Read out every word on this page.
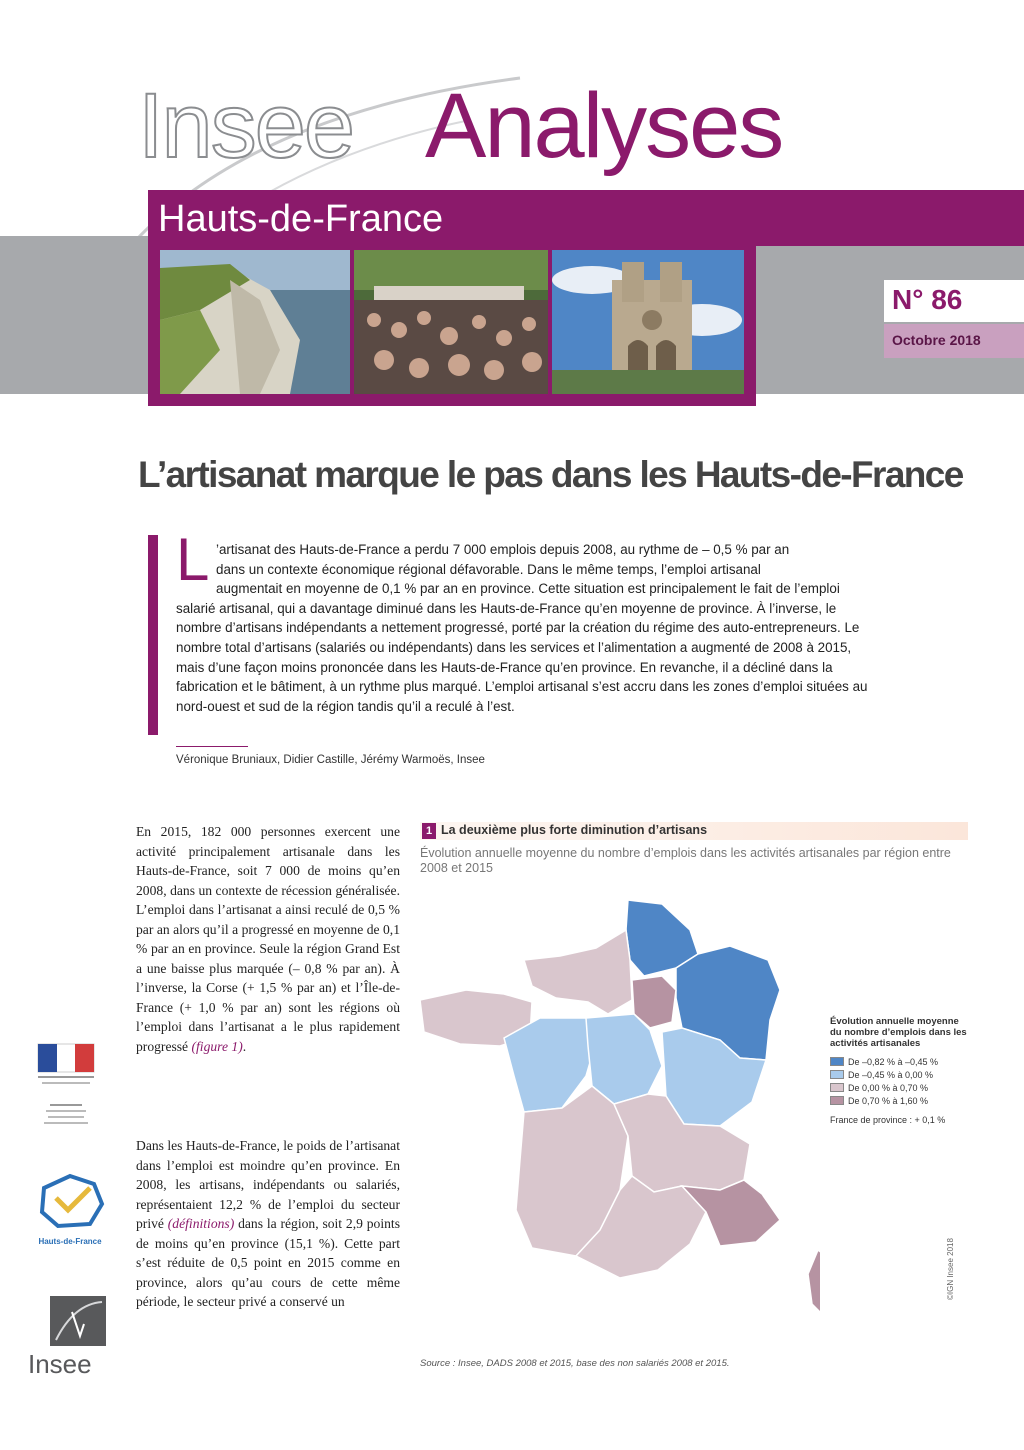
Insee Analyses
Hauts-de-France
N° 86
Octobre 2018
L’artisanat marque le pas dans les Hauts-de-France
L ’artisanat des Hauts-de-France a perdu 7 000 emplois depuis 2008, au rythme de – 0,5 % par an
dans un contexte économique régional défavorable. Dans le même temps, l’emploi artisanal
augmentait en moyenne de 0,1 % par an en province. Cette situation est principalement le fait de l’emploi salarié artisanal, qui a davantage diminué dans les Hauts-de-France qu’en moyenne de province. À l’inverse, le nombre d’artisans indépendants a nettement progressé, porté par la création du régime des auto-entrepreneurs. Le nombre total d’artisans (salariés ou indépendants) dans les services et l’alimentation a augmenté de 2008 à 2015, mais d’une façon moins prononcée dans les Hauts-de-France qu’en province. En revanche, il a décliné dans la fabrication et le bâtiment, à un rythme plus marqué. L’emploi artisanal s’est accru dans les zones d’emploi situées au nord-ouest et sud de la région tandis qu’il a reculé à l’est.
Véronique Bruniaux, Didier Castille, Jérémy Warmoës, Insee
Hauts-de-France
Insee
En 2015, 182 000 personnes exercent une activité principalement artisanale dans les Hauts-de-France, soit 7 000 de moins qu’en 2008, dans un contexte de récession généralisée. L’emploi dans l’artisanat a ainsi reculé de 0,5 % par an alors qu’il a progressé en moyenne de 0,1 % par an en province. Seule la région Grand Est a une baisse plus marquée (– 0,8 % par an). À l’inverse, la Corse (+ 1,5 % par an) et l’Île-de-France (+ 1,0 % par an) sont les régions où l’emploi dans l’artisanat a le plus rapidement progressé (figure 1).
Dans les Hauts-de-France, le poids de l’artisanat dans l’emploi est moindre qu’en province. En 2008, les artisans, indépendants ou salariés, représentaient 12,2 % de l’emploi du secteur privé (définitions) dans la région, soit 2,9 points de moins qu’en province (15,1 %). Cette part s’est réduite de 0,5 point en 2015 comme en province, alors qu’au cours de cette même période, le secteur privé a conservé un
1 La deuxième plus forte diminution d’artisans
Évolution annuelle moyenne du nombre d’emplois dans les activités artisanales par région entre 2008 et 2015
Évolution annuelle moyenne du nombre d’emplois dans les activités artisanales
De –0,82 % à –0,45 %
De –0,45 % à 0,00 %
De 0,00 % à 0,70 %
De 0,70 % à 1,60 %
France de province : + 0,1 %
©IGN Insee 2018
Source : Insee, DADS 2008 et 2015, base des non salariés 2008 et 2015.
